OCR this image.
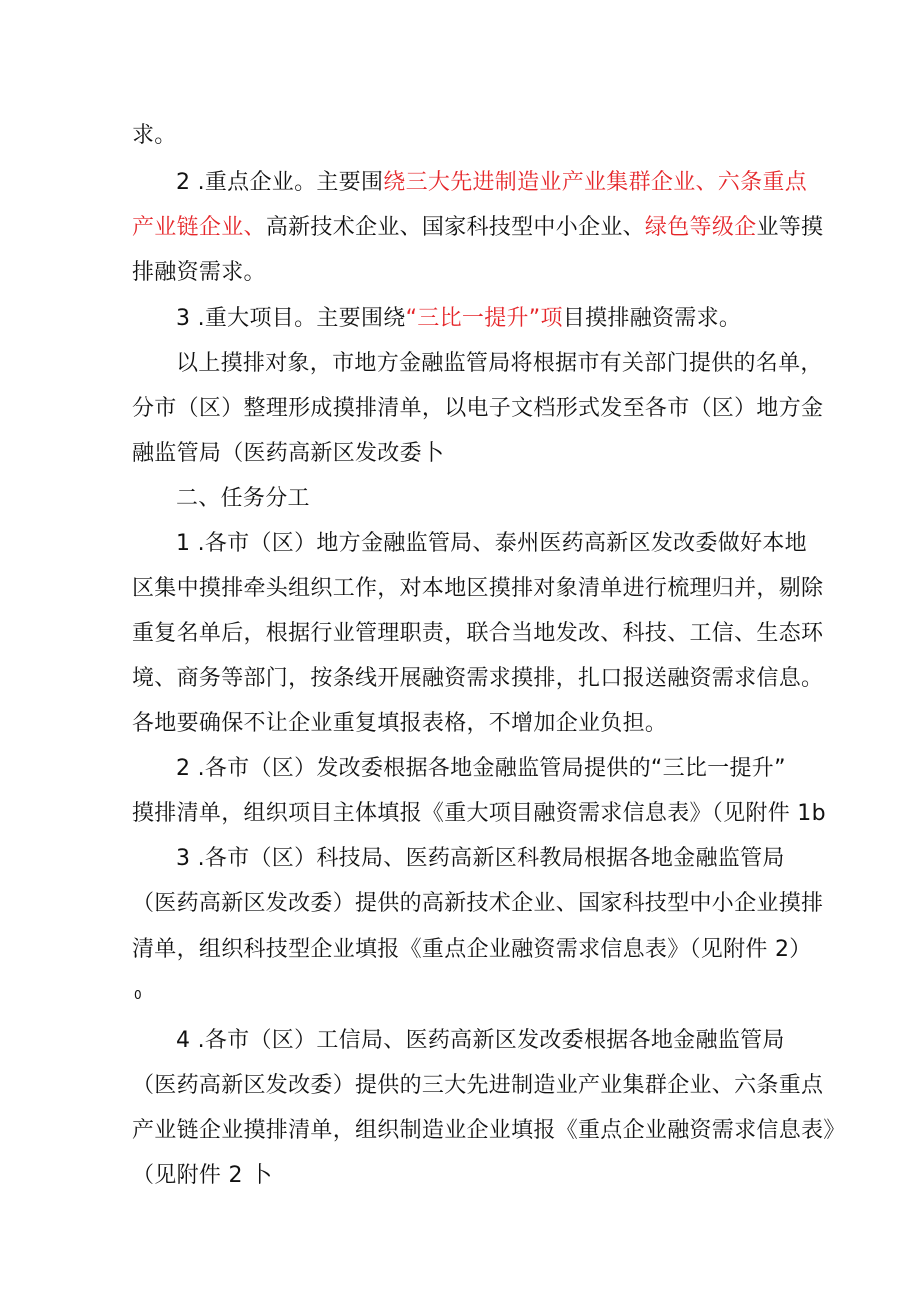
求。
2 .重点企业。主要围绕三大先进制造业产业集群企业、六条重点
产业链企业、高新技术企业、国家科技型中小企业、绿色等级企业等摸
排融资需求。
3 .重大项目。主要围绕“三比一提升”项目摸排融资需求。
以上摸排对象，市地方金融监管局将根据市有关部门提供的名单，
分市（区）整理形成摸排清单，以电子文档形式发至各市（区）地方金
融监管局（医药高新区发改委卜
二、任务分工
1 .各市（区）地方金融监管局、泰州医药高新区发改委做好本地
区集中摸排牵头组织工作，对本地区摸排对象清单进行梳理归并，剔除
重复名单后，根据行业管理职责，联合当地发改、科技、工信、生态环
境、商务等部门，按条线开展融资需求摸排，扎口报送融资需求信息。
各地要确保不让企业重复填报表格，不增加企业负担。
2 .各市（区）发改委根据各地金融监管局提供的“三比一提升”
摸排清单，组织项目主体填报《重大项目融资需求信息表》（见附件 1b
3 .各市（区）科技局、医药高新区科教局根据各地金融监管局
（医药高新区发改委）提供的高新技术企业、国家科技型中小企业摸排
清单，组织科技型企业填报《重点企业融资需求信息表》（见附件 2）
0
4 .各市（区）工信局、医药高新区发改委根据各地金融监管局
（医药高新区发改委）提供的三大先进制造业产业集群企业、六条重点
产业链企业摸排清单，组织制造业企业填报《重点企业融资需求信息表》
（见附件 2 卜
